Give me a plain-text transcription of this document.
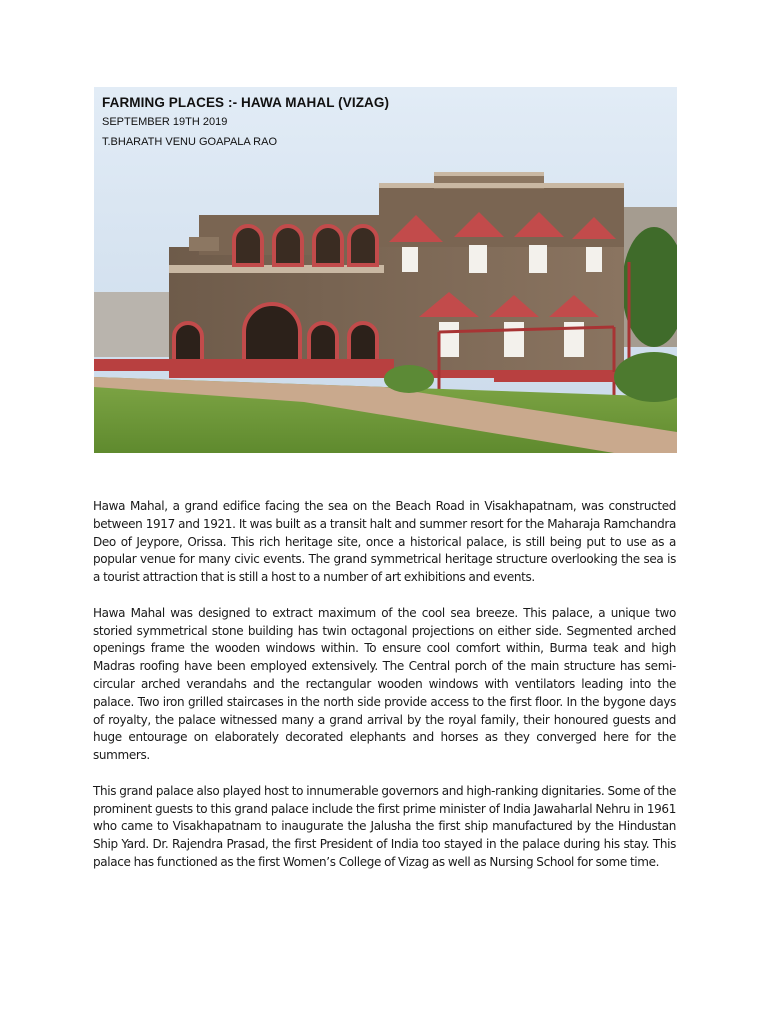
FARMING PLACES :- HAWA MAHAL (VIZAG)
SEPTEMBER 19TH 2019
T.BHARATH VENU GOAPALA RAO

Hawa Mahal, a grand edifice facing the sea on the Beach Road in Visakhapatnam, was constructed between 1917 and 1921. It was built as a transit halt and summer resort for the Maharaja Ramchandra Deo of Jeypore, Orissa. This rich heritage site, once a historical palace, is still being put to use as a popular venue for many civic events. The grand symmetrical heritage structure overlooking the sea is a tourist attraction that is still a host to a number of art exhibitions and events.

Hawa Mahal was designed to extract maximum of the cool sea breeze. This palace, a unique two storied symmetrical stone building has twin octagonal projections on either side. Segmented arched openings frame the wooden windows within. To ensure cool comfort within, Burma teak and high Madras roofing have been employed extensively. The Central porch of the main structure has semi-circular arched verandahs and the rectangular wooden windows with ventilators leading into the palace. Two iron grilled staircases in the north side provide access to the first floor. In the bygone days of royalty, the palace witnessed many a grand arrival by the royal family, their honoured guests and huge entourage on elaborately decorated elephants and horses as they converged here for the summers.

This grand palace also played host to innumerable governors and high-ranking dignitaries. Some of the prominent guests to this grand palace include the first prime minister of India Jawaharlal Nehru in 1961 who came to Visakhapatnam to inaugurate the Jalusha the first ship manufactured by the Hindustan Ship Yard. Dr. Rajendra Prasad, the first President of India too stayed in the palace during his stay. This palace has functioned as the first Women’s College of Vizag as well as Nursing School for some time.
